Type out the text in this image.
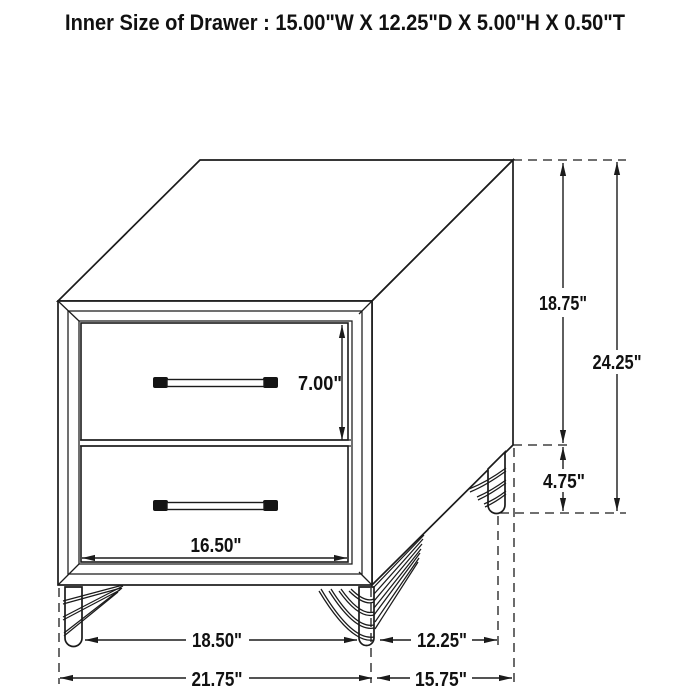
Inner Size of Drawer : 15.00"W X 12.25"D X 5.00"H X 0.50"T
7.00"
16.50"
18.75"
24.25"
4.75"
18.50"	12.25"
21.75"	15.75"
